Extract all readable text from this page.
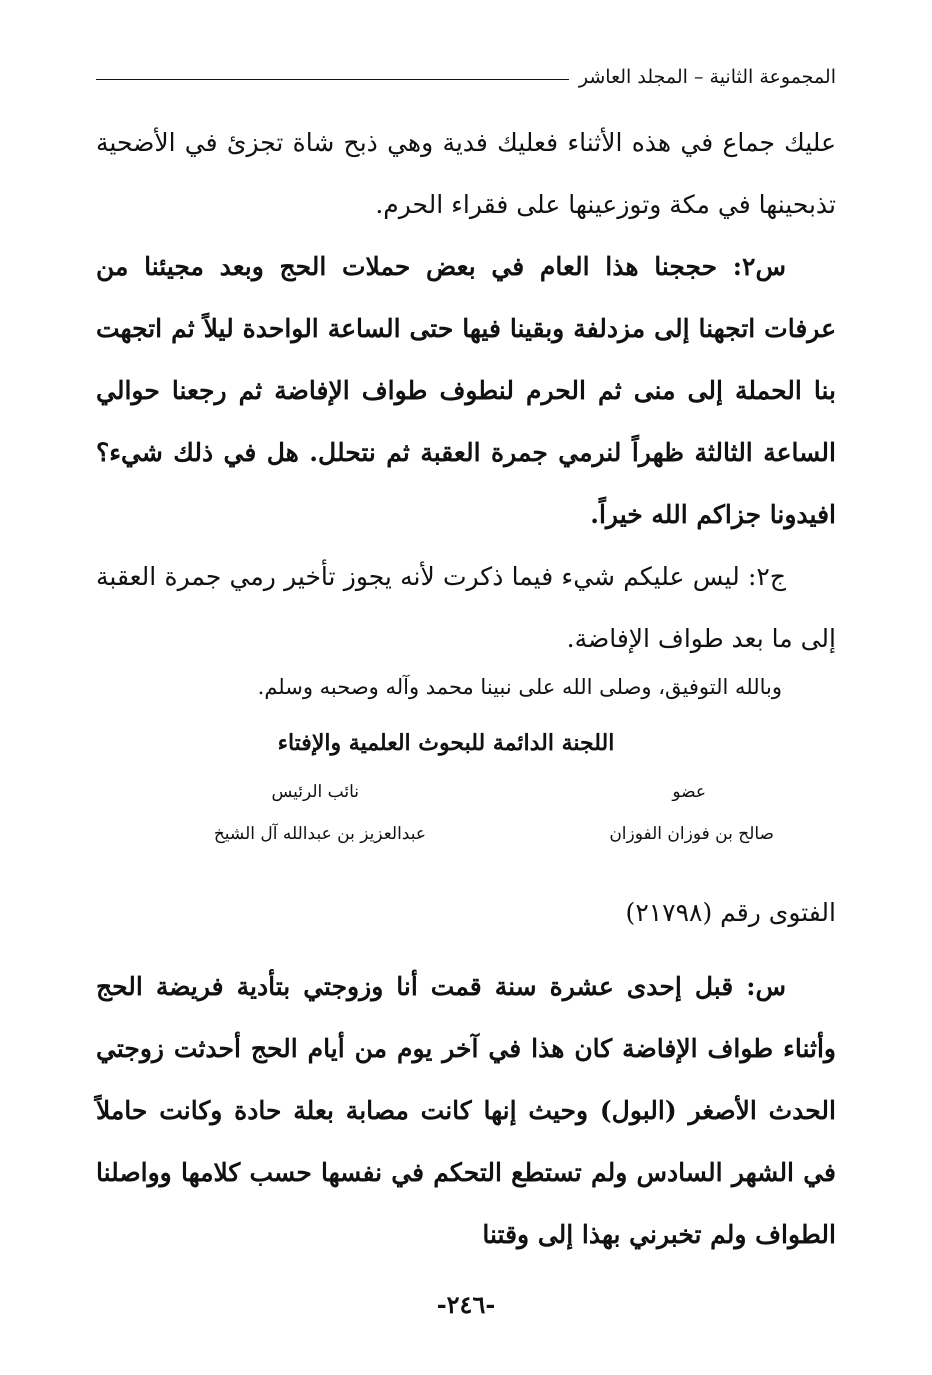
المجموعة الثانية – المجلد العاشر

عليك جماع في هذه الأثناء فعليك فدية وهي ذبح شاة تجزئ في الأضحية تذبحينها في مكة وتوزعينها على فقراء الحرم.

س٢: حججنا هذا العام في بعض حملات الحج وبعد مجيئنا من عرفات اتجهنا إلى مزدلفة وبقينا فيها حتى الساعة الواحدة ليلاً ثم اتجهت بنا الحملة إلى منى ثم الحرم لنطوف طواف الإفاضة ثم رجعنا حوالي الساعة الثالثة ظهراً لنرمي جمرة العقبة ثم نتحلل. هل في ذلك شيء؟ افيدونا جزاكم الله خيراً.

ج٢: ليس عليكم شيء فيما ذكرت لأنه يجوز تأخير رمي جمرة العقبة إلى ما بعد طواف الإفاضة.

وبالله التوفيق، وصلى الله على نبينا محمد وآله وصحبه وسلم.
اللجنة الدائمة للبحوث العلمية والإفتاء
عضو
نائب الرئيس
صالح بن فوزان الفوزان
عبدالعزيز بن عبدالله آل الشيخ
الفتوى رقم (٢١٧٩٨)

س: قبل إحدى عشرة سنة قمت أنا وزوجتي بتأدية فريضة الحج وأثناء طواف الإفاضة كان هذا في آخر يوم من أيام الحج أحدثت زوجتي الحدث الأصغر (البول) وحيث إنها كانت مصابة بعلة حادة وكانت حاملاً في الشهر السادس ولم تستطع التحكم في نفسها حسب كلامها وواصلنا الطواف ولم تخبرني بهذا إلى وقتنا

-٢٤٦-
